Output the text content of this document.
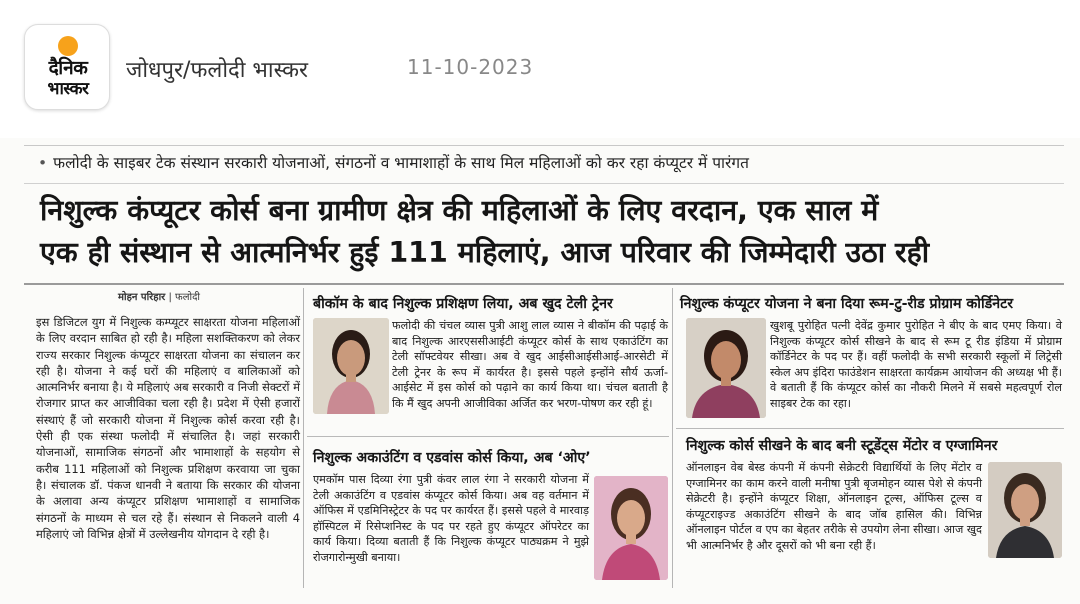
दैनिक
भास्कर
जोधपुर/फलोदी भास्कर	11-10-2023
• फलोदी के साइबर टेक संस्थान सरकारी योजनाओं, संगठनों व भामाशाहों के साथ मिल महिलाओं को कर रहा कंप्यूटर में पारंगत
निशुल्क कंप्यूटर कोर्स बना ग्रामीण क्षेत्र की महिलाओं के लिए वरदान, एक साल में
एक ही संस्थान से आत्मनिर्भर हुई 111 महिलाएं, आज परिवार की जिम्मेदारी उठा रही
मोहन परिहार | फलोदी
इस डिजिटल युग में निशुल्क कम्प्यूटर साक्षरता योजना महिलाओं के लिए वरदान साबित हो रही है। महिला सशक्तिकरण को लेकर राज्य सरकार निशुल्क कंप्यूटर साक्षरता योजना का संचालन कर रही है। योजना ने कई घरों की महिलाएं व बालिकाओं को आत्मनिर्भर बनाया है। ये महिलाएं अब सरकारी व निजी सेक्टरों में रोजगार प्राप्त कर आजीविका चला रही है। प्रदेश में ऐसी हजारों संस्थाएं हैं जो सरकारी योजना में निशुल्क कोर्स करवा रही है। ऐसी ही एक संस्था फलोदी में संचालित है। जहां सरकारी योजनाओं, सामाजिक संगठनों और भामाशाहों के सहयोग से करीब 111 महिलाओं को निशुल्क प्रशिक्षण करवाया जा चुका है। संचालक डॉ. पंकज धानवी ने बताया कि सरकार की योजना के अलावा अन्य कंप्यूटर प्रशिक्षण भामाशाहों व सामाजिक संगठनों के माध्यम से चल रहे हैं। संस्थान से निकलने वाली 4 महिलाएं जो विभिन्न क्षेत्रों में उल्लेखनीय योगदान दे रही है।
बीकॉम के बाद निशुल्क प्रशिक्षण लिया, अब खुद टेली ट्रेनर
फलोदी की चंचल व्यास पुत्री आशु लाल व्यास ने बीकॉम की पढ़ाई के बाद निशुल्क आरएससीआईटी कंप्यूटर कोर्स के साथ एकाउंटिंग का टेली सॉफ्टवेयर सीखा। अब वे खुद आईसीआईसीआई-आरसेटी में टेली ट्रेनर के रूप में कार्यरत है। इससे पहले इन्होंने सौर्य ऊर्जा-आईसेट में इस कोर्स को पढ़ाने का कार्य किया था। चंचल बताती है कि मैं खुद अपनी आजीविका अर्जित कर भरण-पोषण कर रही हूं।
निशुल्क अकाउंटिंग व एडवांस कोर्स किया, अब ‘ओए’
एमकॉम पास दिव्या रंगा पुत्री कंवर लाल रंगा ने सरकारी योजना में टेली अकाउंटिंग व एडवांस कंप्यूटर कोर्स किया। अब वह वर्तमान में ऑफिस में एडमिनिस्ट्रेटर के पद पर कार्यरत हैं। इससे पहले वे मारवाड़ हॉस्पिटल में रिसेप्शनिस्ट के पद पर रहते हुए कंप्यूटर ऑपरेटर का कार्य किया। दिव्या बताती हैं कि निशुल्क कंप्यूटर पाठ्यक्रम ने मुझे रोजगारोन्मुखी बनाया।
निशुल्क कंप्यूटर योजना ने बना दिया रूम-टु-रीड प्रोग्राम कोर्डिनेटर
खुशबू पुरोहित पत्नी देवेंद्र कुमार पुरोहित ने बीए के बाद एमए किया। वे निशुल्क कंप्यूटर कोर्स सीखने के बाद से रूम टू रीड इंडिया में प्रोग्राम कॉर्डिनेटर के पद पर हैं। वहीं फलोदी के सभी सरकारी स्कूलों में लिट्रेसी स्केल अप इंदिरा फाउंडेशन साक्षरता कार्यक्रम आयोजन की अध्यक्ष भी हैं। वे बताती हैं कि कंप्यूटर कोर्स का नौकरी मिलने में सबसे महत्वपूर्ण रोल साइबर टेक का रहा।
निशुल्क कोर्स सीखने के बाद बनी स्टूडेंट्स मेंटोर व एग्जामिनर
ऑनलाइन वेब बेस्ड कंपनी में कंपनी सेक्रेटरी विद्यार्थियों के लिए मेंटोर व एग्जामिनर का काम करने वाली मनीषा पुत्री बृजमोहन व्यास पेशे से कंपनी सेक्रेटरी है। इन्होंने कंप्यूटर शिक्षा, ऑनलाइन टूल्स, ऑफिस टूल्स व कंप्यूटराइज्ड अकाउंटिंग सीखने के बाद जॉब हासिल की। विभिन्न ऑनलाइन पोर्टल व एप का बेहतर तरीके से उपयोग लेना सीखा। आज खुद भी आत्मनिर्भर है और दूसरों को भी बना रही हैं।
